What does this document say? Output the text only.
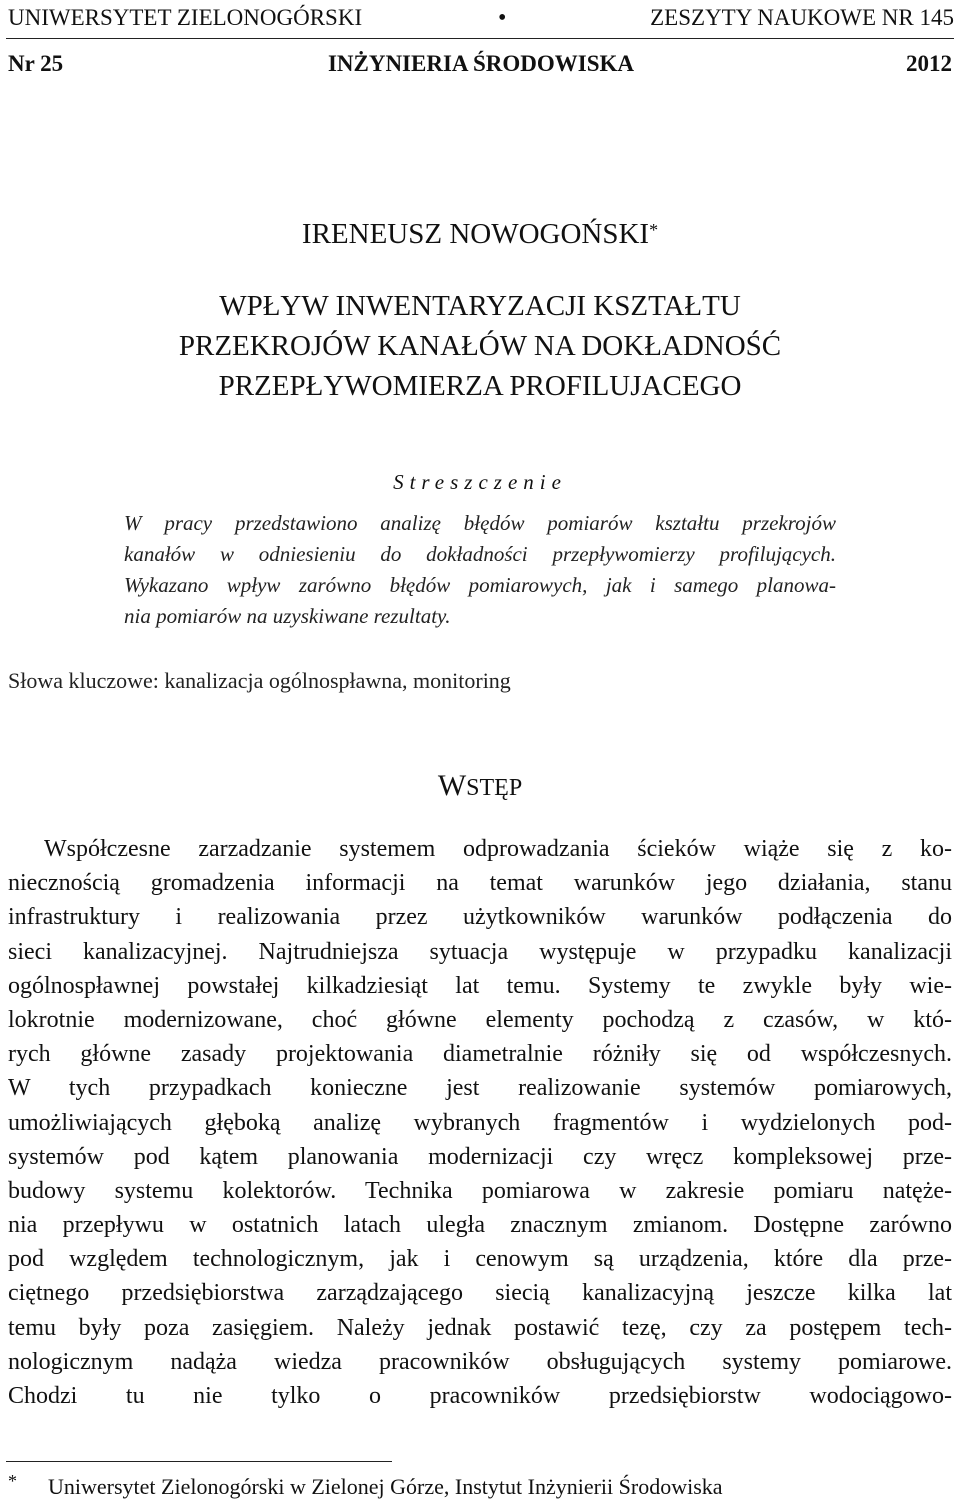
UNIWERSYTET ZIELONOGÓRSKI	•	ZESZYTY NAUKOWE NR 145
Nr 25	INŻYNIERIA ŚRODOWISKA	2012
IRENEUSZ NOWOGOŃSKI*
WPŁYW INWENTARYZACJI KSZTAŁTU
PRZEKROJÓW KANAŁÓW NA DOKŁADNOŚĆ
PRZEPŁYWOMIERZA PROFILUJACEGO
Streszczenie
W pracy przedstawiono analizę błędów pomiarów kształtu przekrojów
kanałów w odniesieniu do dokładności przepływomierzy profilujących.
Wykazano wpływ zarówno błędów pomiarowych, jak i samego planowa-
nia pomiarów na uzyskiwane rezultaty.
Słowa kluczowe: kanalizacja ogólnospławna, monitoring
WSTĘP
Współczesne zarzadzanie systemem odprowadzania ścieków wiąże się z ko-
niecznością gromadzenia informacji na temat warunków jego działania, stanu
infrastruktury i realizowania przez użytkowników warunków podłączenia do
sieci kanalizacyjnej. Najtrudniejsza sytuacja występuje w przypadku kanalizacji
ogólnospławnej powstałej kilkadziesiąt lat temu. Systemy te zwykle były wie-
lokrotnie modernizowane, choć główne elementy pochodzą z czasów, w któ-
rych główne zasady projektowania diametralnie różniły się od współczesnych.
W tych przypadkach konieczne jest realizowanie systemów pomiarowych,
umożliwiających głęboką analizę wybranych fragmentów i wydzielonych pod-
systemów pod kątem planowania modernizacji czy wręcz kompleksowej prze-
budowy systemu kolektorów. Technika pomiarowa w zakresie pomiaru natęże-
nia przepływu w ostatnich latach uległa znacznym zmianom. Dostępne zarówno
pod względem technologicznym, jak i cenowym są urządzenia, które dla prze-
ciętnego przedsiębiorstwa zarządzającego siecią kanalizacyjną jeszcze kilka lat
temu były poza zasięgiem. Należy jednak postawić tezę, czy za postępem tech-
nologicznym nadąża wiedza pracowników obsługujących systemy pomiarowe.
Chodzi tu nie tylko o pracowników przedsiębiorstw wodociągowo-
* Uniwersytet Zielonogórski w Zielonej Górze, Instytut Inżynierii Środowiska
